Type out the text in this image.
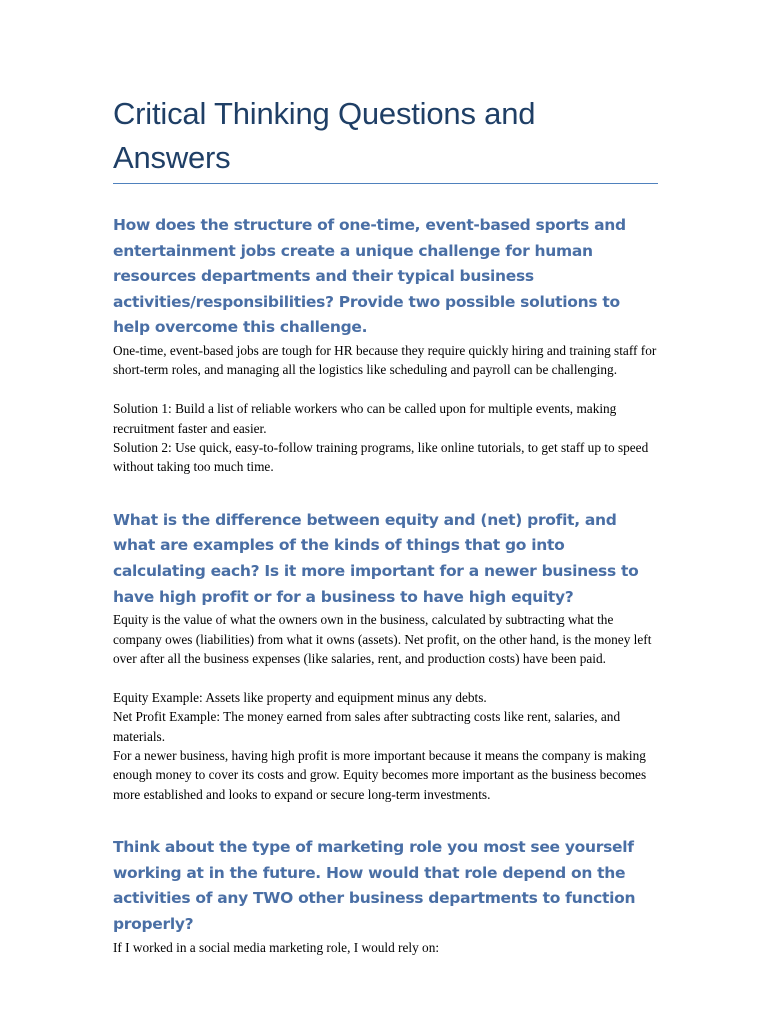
Critical Thinking Questions and Answers
How does the structure of one-time, event-based sports and entertainment jobs create a unique challenge for human resources departments and their typical business activities/responsibilities? Provide two possible solutions to help overcome this challenge.

One-time, event-based jobs are tough for HR because they require quickly hiring and training staff for short-term roles, and managing all the logistics like scheduling and payroll can be challenging.

Solution 1: Build a list of reliable workers who can be called upon for multiple events, making recruitment faster and easier.

Solution 2: Use quick, easy-to-follow training programs, like online tutorials, to get staff up to speed without taking too much time.

What is the difference between equity and (net) profit, and what are examples of the kinds of things that go into calculating each? Is it more important for a newer business to have high profit or for a business to have high equity?

Equity is the value of what the owners own in the business, calculated by subtracting what the company owes (liabilities) from what it owns (assets). Net profit, on the other hand, is the money left over after all the business expenses (like salaries, rent, and production costs) have been paid.

Equity Example: Assets like property and equipment minus any debts.

Net Profit Example: The money earned from sales after subtracting costs like rent, salaries, and materials.

For a newer business, having high profit is more important because it means the company is making enough money to cover its costs and grow. Equity becomes more important as the business becomes more established and looks to expand or secure long-term investments.

Think about the type of marketing role you most see yourself working at in the future. How would that role depend on the activities of any TWO other business departments to function properly?

If I worked in a social media marketing role, I would rely on:
